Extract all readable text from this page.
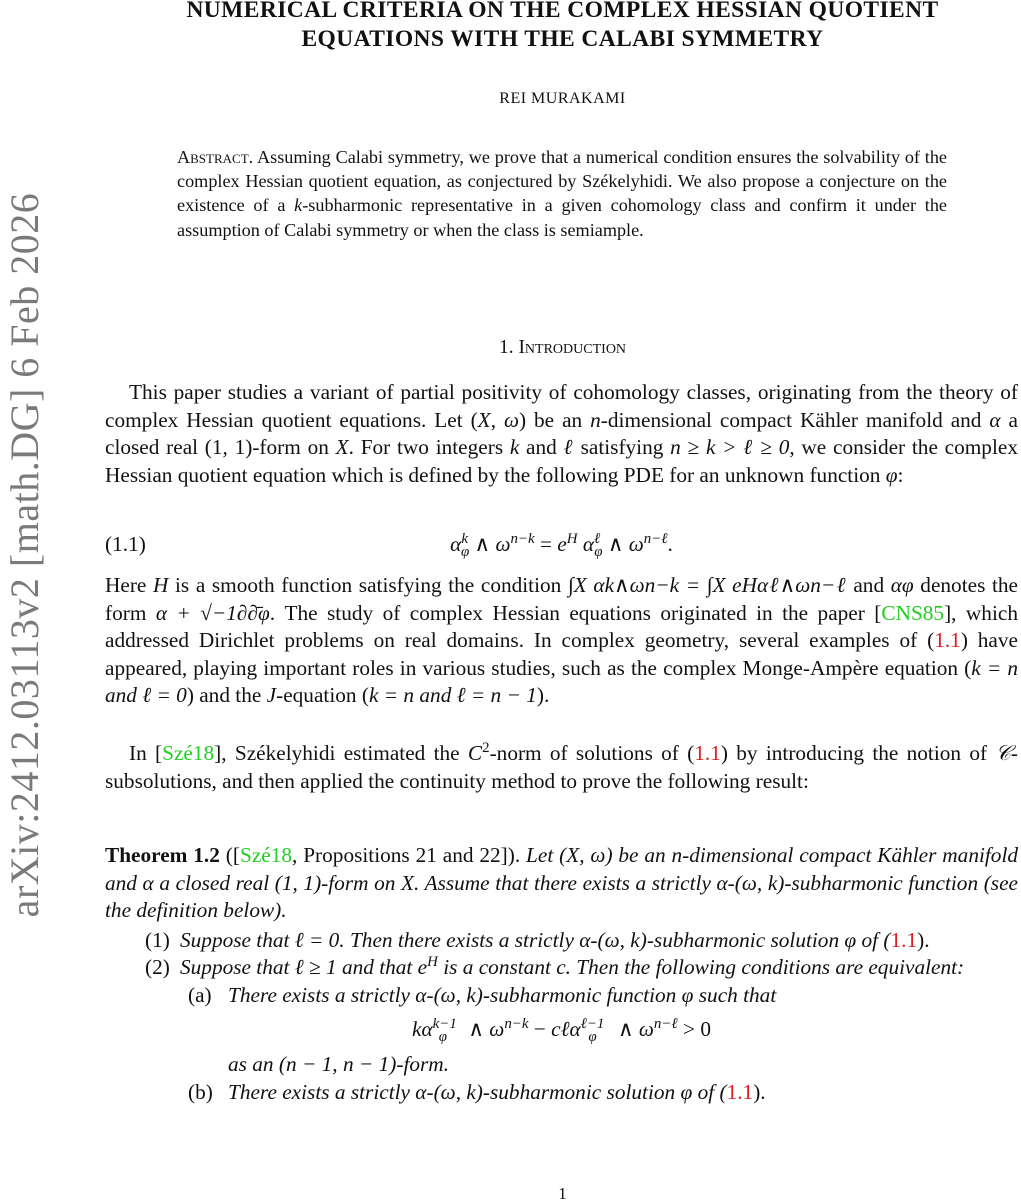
arXiv:2412.03113v2 [math.DG] 6 Feb 2026
NUMERICAL CRITERIA ON THE COMPLEX HESSIAN QUOTIENT
EQUATIONS WITH THE CALABI SYMMETRY
REI MURAKAMI
Abstract. Assuming Calabi symmetry, we prove that a numerical condition ensures the solvability of the complex Hessian quotient equation, as conjectured by Székelyhidi. We also propose a conjecture on the existence of a k-subharmonic representative in a given cohomology class and confirm it under the assumption of Calabi symmetry or when the class is semiample.
1. Introduction
This paper studies a variant of partial positivity of cohomology classes, originating from the theory of complex Hessian quotient equations. Let (X, ω) be an n-dimensional compact Kähler manifold and α a closed real (1, 1)-form on X. For two integers k and ℓ satisfying n ≥ k > ℓ ≥ 0, we consider the complex Hessian quotient equation which is defined by the following PDE for an unknown function φ:
(1.1)	$\alpha^k_\varphi$ ∧ $\omega^{n-k} = e^H$ $\alpha^\ell_\varphi$ ∧ $\omega^{n-\ell}$.
Here H is a smooth function satisfying the condition ∫X αk∧ωn−k = ∫X eHαℓ∧ωn−ℓ and αφ denotes the form α + √−1∂∂̄φ. The study of complex Hessian equations originated in the paper [CNS85], which addressed Dirichlet problems on real domains. In complex geometry, several examples of (1.1) have appeared, playing important roles in various studies, such as the complex Monge-Ampère equation (k = n and ℓ = 0) and the J-equation (k = n and ℓ = n − 1).
In [Szé18], Székelyhidi estimated the $C^2$-norm of solutions of (1.1) by introducing the notion of 𝒞-subsolutions, and then applied the continuity method to prove the following result:
Theorem 1.2 ([Szé18, Propositions 21 and 22]). Let (X, ω) be an n-dimensional compact Kähler manifold and α a closed real (1, 1)-form on X. Assume that there exists a strictly α-(ω, k)-subharmonic function (see the definition below).
(1) Suppose that ℓ = 0. Then there exists a strictly α-(ω, k)-subharmonic solution φ of (1.1).
(2) Suppose that ℓ ≥ 1 and that $e^H$ is a constant c. Then the following conditions are equivalent:
(a) There exists a strictly α-(ω, k)-subharmonic function φ such that
$k\alpha^{k-1}_\varphi$    ∧ $\omega^{n-k}$ − cℓα$^{\ell-1}_\varphi$    ∧ $\omega^{n-\ell} > 0$
as an (n − 1, n − 1)-form.
(b) There exists a strictly α-(ω, k)-subharmonic solution φ of (1.1).
1
